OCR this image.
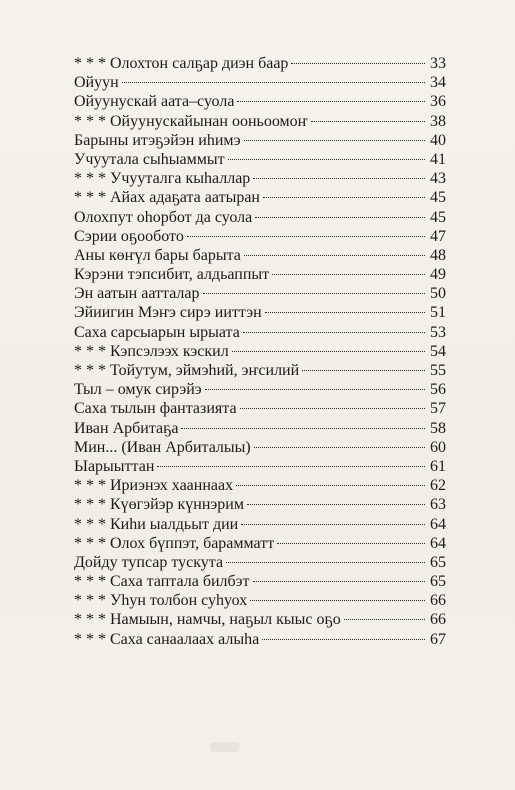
* * * Олохтон салҕар диэн баар	33
Ойуун	34
Ойуунускай аата–суола	36
* * * Ойуунускайынан ооньоомоҥ	38
Барыны итэҕэйэн иһимэ	40
Учуутала сыһыаммыт	41
* * * Учууталга кыһаллар	43
* * * Айах адаҕата аатыран	45
Олохпут оһорбот да суола	45
Сэрии оҕообото	47
Аны көҥүл бары барыта	48
Кэрэни тэпсибит, алдьаппыт	49
Эн аатын аатталар	50
Эйиигин Мэҥэ сирэ ииттэн	51
Саха сарсыарын ырыата	53
* * * Кэпсэлээх кэскил	54
* * * Тойутум, эймэһий, эҥсилий	55
Тыл – омук сирэйэ	56
Саха тылын фантазията	57
Иван Арбитаҕа	58
Мин... (Иван Арбиталыы)	60
Ыарыыттан	61
* * * Ириэнэх хааннаах	62
* * * Күөгэйэр күннэрим	63
* * * Киһи ыалдьыт дии	64
* * * Олох бүппэт, барамматт	64
Дойду тупсар тускута	65
* * * Саха таптала билбэт	65
* * * Уһун толбон суһуох	66
* * * Намыын, намчы, наҕыл кыыс оҕо	66
* * * Саха санаалаах алыһа	67
